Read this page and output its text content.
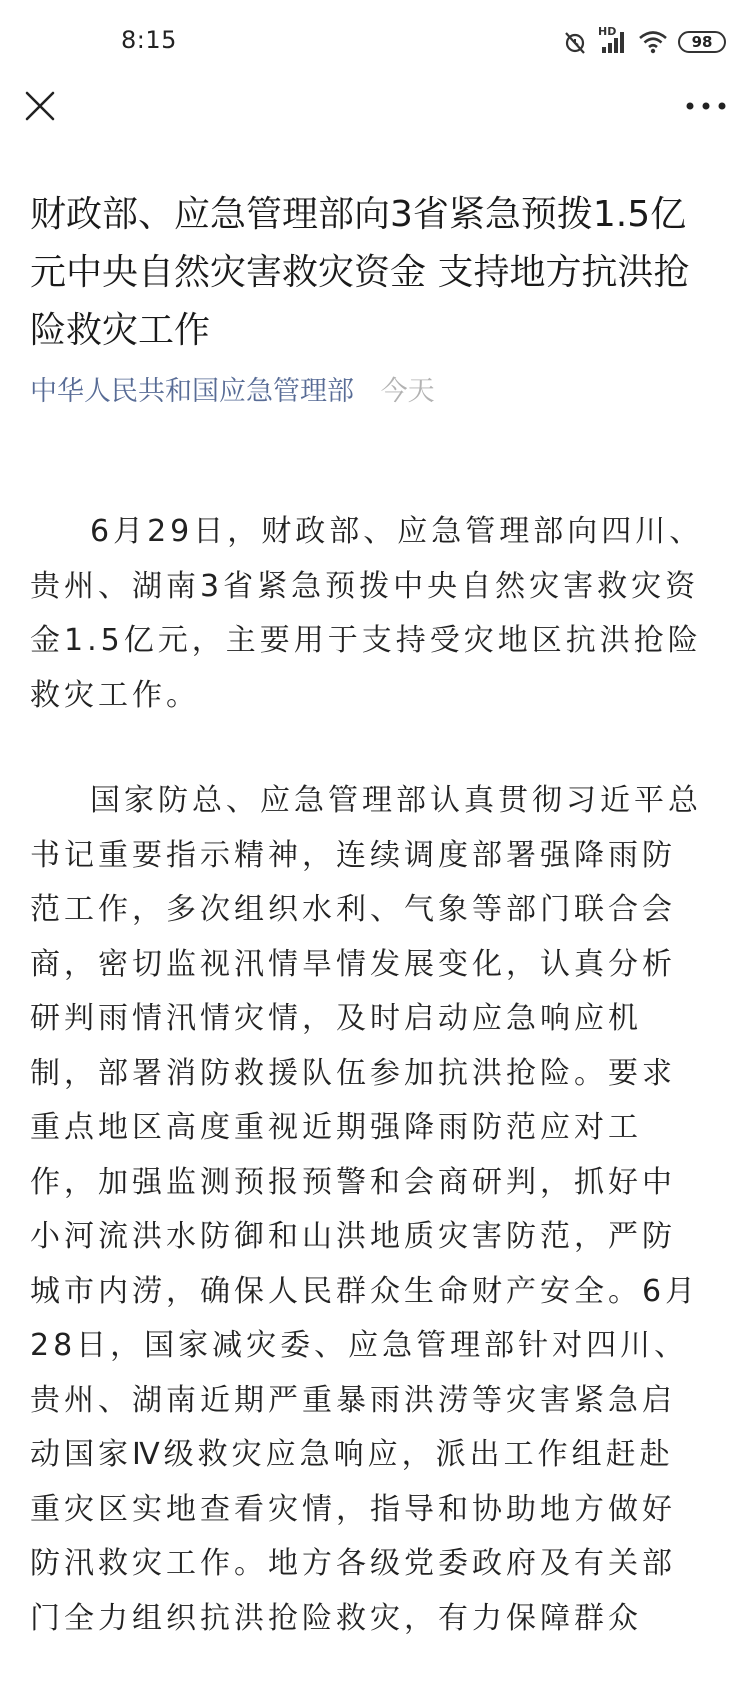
8:15	HD
98
财政部、应急管理部向3省紧急预拨1.5亿元中央自然灾害救灾资金 支持地方抗洪抢险救灾工作
中华人民共和国应急管理部 今天

6月29日，财政部、应急管理部向四川、贵州、湖南3省紧急预拨中央自然灾害救灾资金1.5亿元，主要用于支持受灾地区抗洪抢险救灾工作。

国家防总、应急管理部认真贯彻习近平总书记重要指示精神，连续调度部署强降雨防范工作，多次组织水利、气象等部门联合会商，密切监视汛情旱情发展变化，认真分析研判雨情汛情灾情，及时启动应急响应机制，部署消防救援队伍参加抗洪抢险。要求重点地区高度重视近期强降雨防范应对工作，加强监测预报预警和会商研判，抓好中小河流洪水防御和山洪地质灾害防范，严防城市内涝，确保人民群众生命财产安全。6月28日，国家减灾委、应急管理部针对四川、贵州、湖南近期严重暴雨洪涝等灾害紧急启动国家Ⅳ级救灾应急响应，派出工作组赶赴重灾区实地查看灾情，指导和协助地方做好防汛救灾工作。地方各级党委政府及有关部门全力组织抗洪抢险救灾，有力保障群众
